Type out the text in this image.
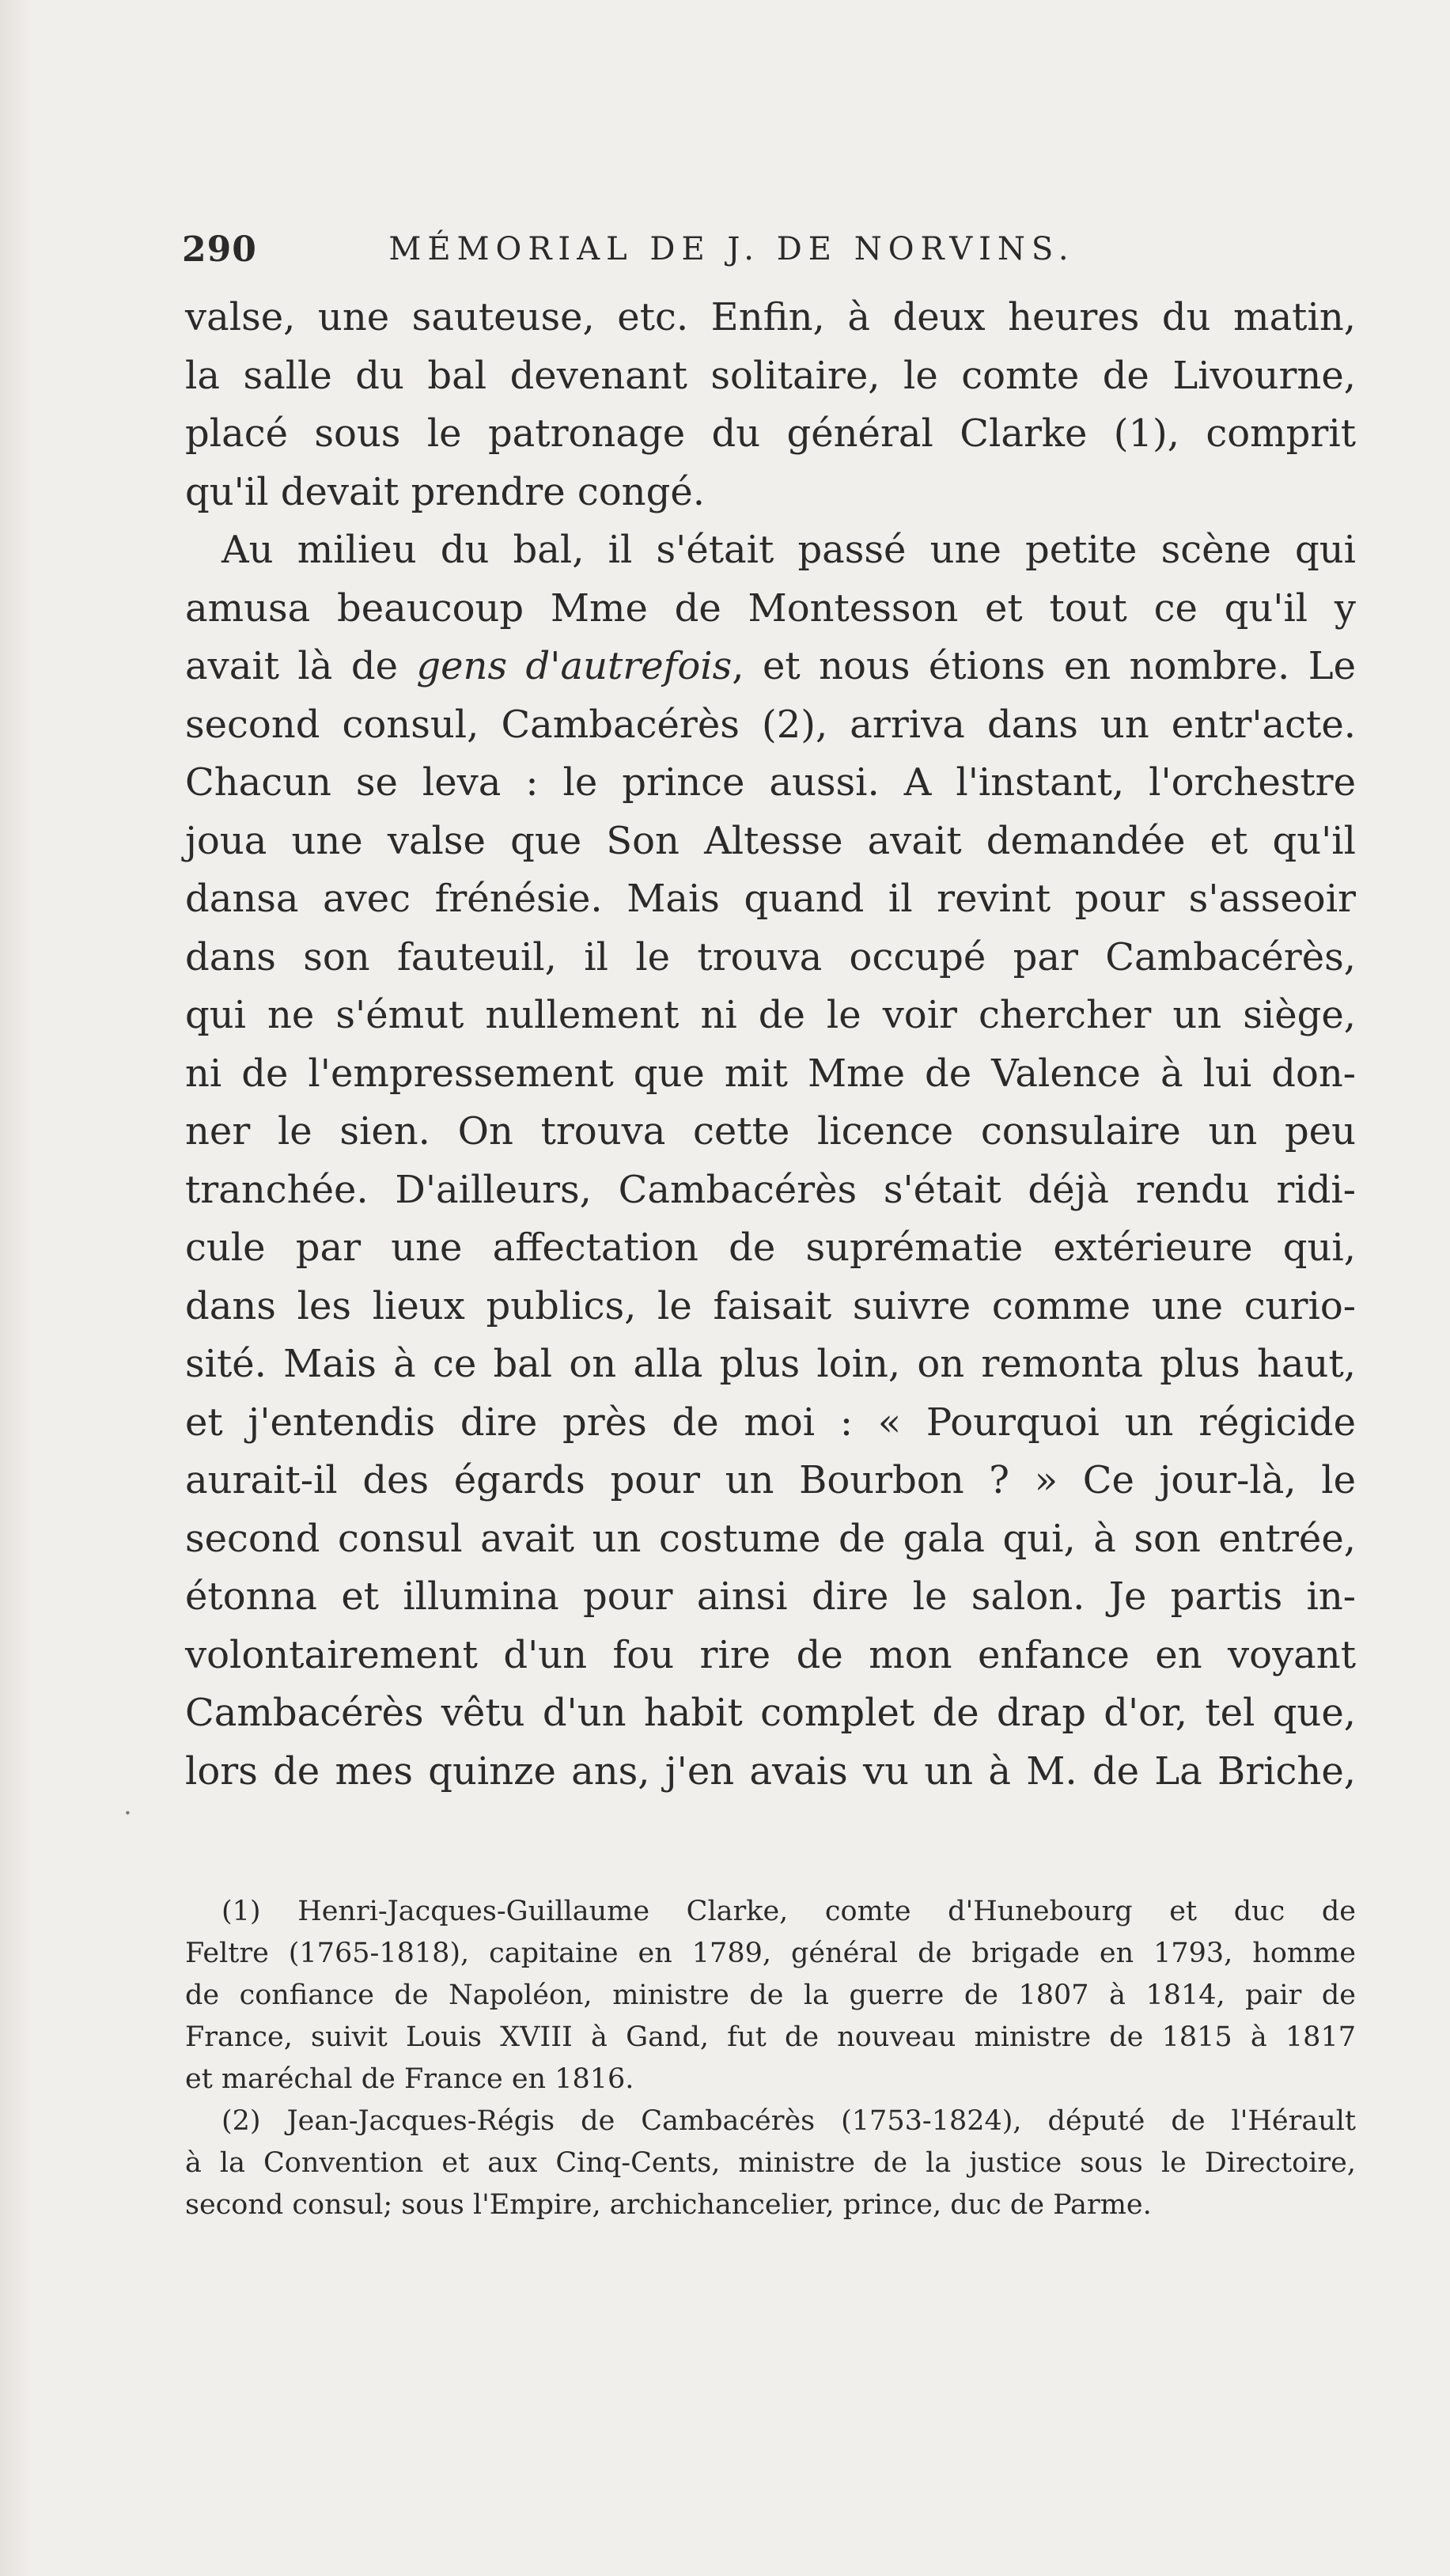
290	MÉMORIAL DE J. DE NORVINS.
valse, une sauteuse, etc. Enfin, à deux heures du matin,
la salle du bal devenant solitaire, le comte de Livourne,
placé sous le patronage du général Clarke (1), comprit
qu'il devait prendre congé.
Au milieu du bal, il s'était passé une petite scène qui
amusa beaucoup Mme de Montesson et tout ce qu'il y
avait là de gens d'autrefois, et nous étions en nombre. Le
second consul, Cambacérès (2), arriva dans un entr'acte.
Chacun se leva : le prince aussi. A l'instant, l'orchestre
joua une valse que Son Altesse avait demandée et qu'il
dansa avec frénésie. Mais quand il revint pour s'asseoir
dans son fauteuil, il le trouva occupé par Cambacérès,
qui ne s'émut nullement ni de le voir chercher un siège,
ni de l'empressement que mit Mme de Valence à lui don-
ner le sien. On trouva cette licence consulaire un peu
tranchée. D'ailleurs, Cambacérès s'était déjà rendu ridi-
cule par une affectation de suprématie extérieure qui,
dans les lieux publics, le faisait suivre comme une curio-
sité. Mais à ce bal on alla plus loin, on remonta plus haut,
et j'entendis dire près de moi : « Pourquoi un régicide
aurait-il des égards pour un Bourbon ? » Ce jour-là, le
second consul avait un costume de gala qui, à son entrée,
étonna et illumina pour ainsi dire le salon. Je partis in-
volontairement d'un fou rire de mon enfance en voyant
Cambacérès vêtu d'un habit complet de drap d'or, tel que,
lors de mes quinze ans, j'en avais vu un à M. de La Briche,
·
(1) Henri-Jacques-Guillaume Clarke, comte d'Hunebourg et duc de
Feltre (1765-1818), capitaine en 1789, général de brigade en 1793, homme
de confiance de Napoléon, ministre de la guerre de 1807 à 1814, pair de
France, suivit Louis XVIII à Gand, fut de nouveau ministre de 1815 à 1817
et maréchal de France en 1816.
(2) Jean-Jacques-Régis de Cambacérès (1753-1824), député de l'Hérault
à la Convention et aux Cinq-Cents, ministre de la justice sous le Directoire,
second consul; sous l'Empire, archichancelier, prince, duc de Parme.
